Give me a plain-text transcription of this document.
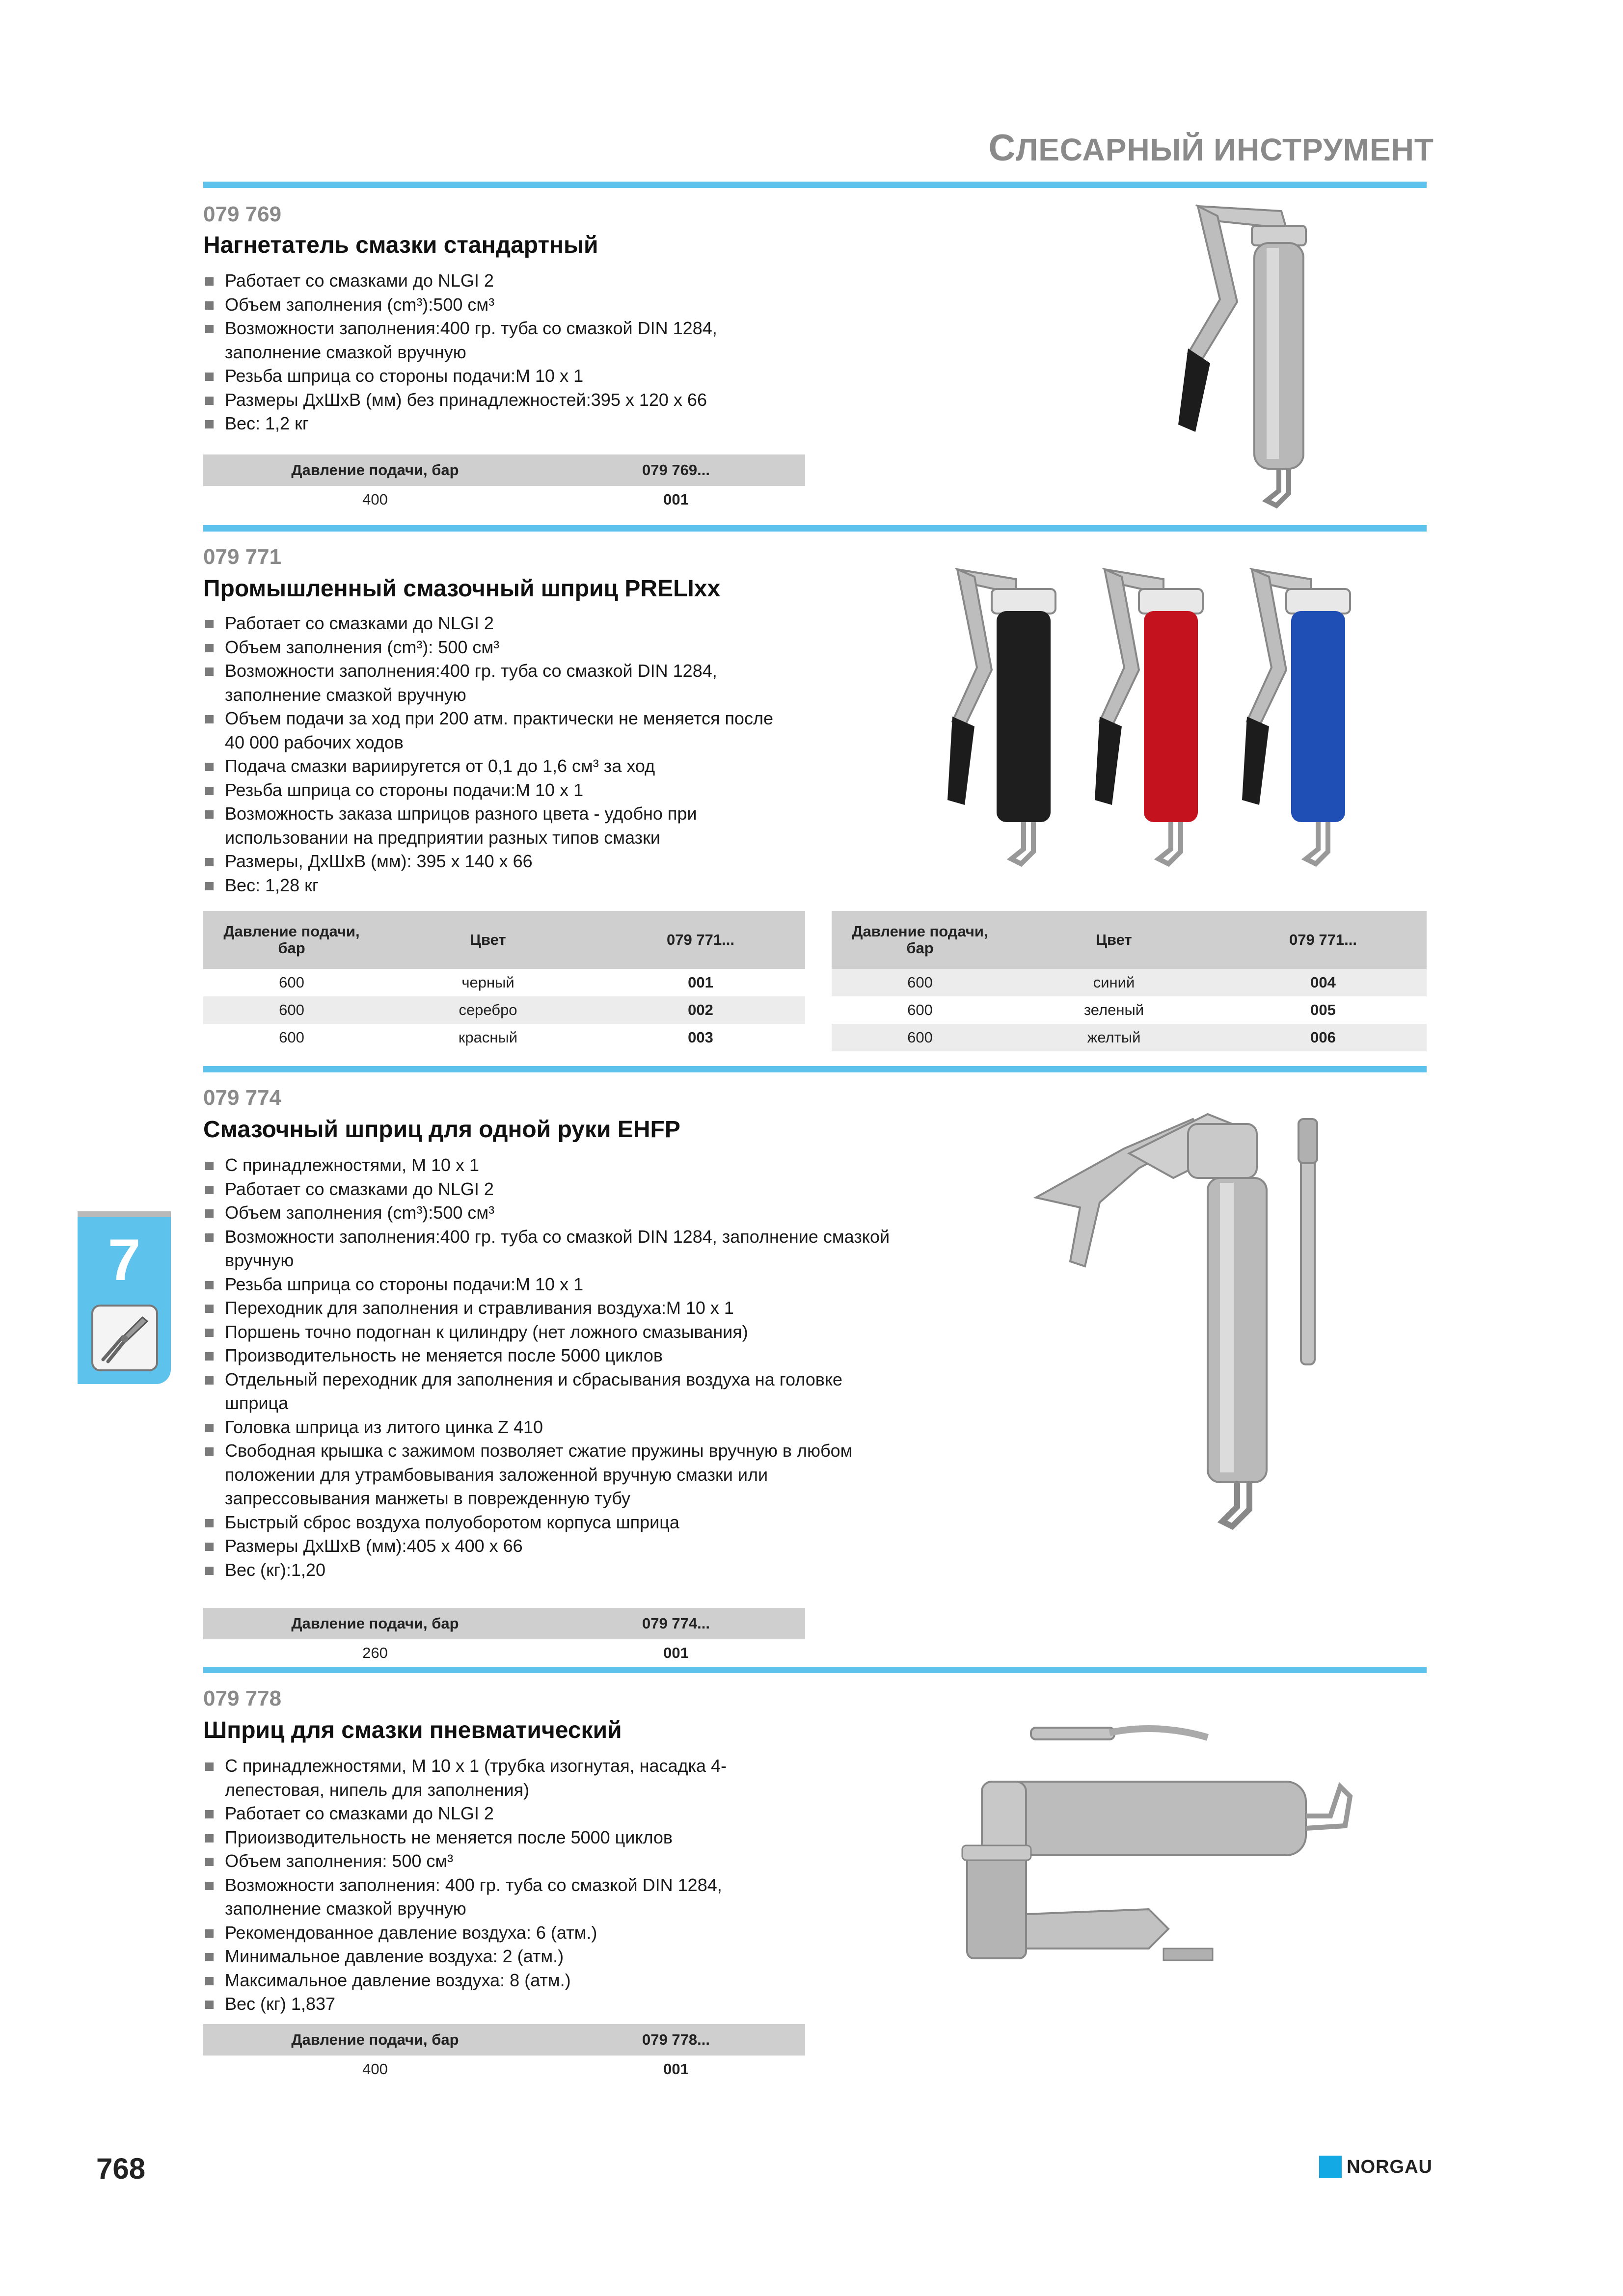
СЛЕСАРНЫЙ ИНСТРУМЕНТ
079 769
Нагнетатель смазки стандартный
Работает со смазками до NLGI 2
Объем заполнения (cm³):500 см³
Возможности заполнения:400 гр. туба со смазкой DIN 1284, заполнение смазкой вручную
Резьба шприца со стороны подачи:M 10 x 1
Размеры ДхШхВ (мм) без принадлежностей:395 x 120 x 66
Вес: 1,2 кг
Давление подачи, бар	079 769...
400	001
079 771
Промышленный смазочный шприц PRELIxx
Работает со смазками до NLGI 2
Объем заполнения (cm³): 500 см³
Возможности заполнения:400 гр. туба со смазкой DIN 1284, заполнение смазкой вручную
Объем подачи за ход при 200 атм. практически не меняется после 40 000 рабочих ходов
Подача смазки варииругется от 0,1 до 1,6 см³ за ход
Резьба шприца со стороны подачи:M 10 x 1
Возможность заказа шприцов разного цвета - удобно при использовании на предприятии разных типов смазки
Размеры, ДхШхВ (мм): 395 x 140 x 66
Вес: 1,28 кг
Давление подачи, бар	Цвет	079 771...
600	черный	001
600	серебро	002
600	красный	003
Давление подачи, бар	Цвет	079 771...
600	синий	004
600	зеленый	005
600	желтый	006
079 774
Смазочный шприц для одной руки EHFP
С принадлежностями, M 10 x 1
Работает со смазками до NLGI 2
Объем заполнения (cm³):500 см³
Возможности заполнения:400 гр. туба со смазкой DIN 1284, заполнение смазкой вручную
Резьба шприца со стороны подачи:M 10 x 1
Переходник для заполнения и стравливания воздуха:M 10 x 1
Поршень точно подогнан к цилиндру (нет ложного смазывания)
Производительность не меняется после 5000 циклов
Отдельный переходник для заполнения и сбрасывания воздуха на головке шприца
Головка шприца из литого цинка Z 410
Свободная крышка с зажимом позволяет сжатие пружины вручную в любом положении для утрамбовывания заложенной вручную смазки или запрессовывания манжеты в поврежденную тубу
Быстрый сброс воздуха полуоборотом корпуса шприца
Размеры ДхШхВ (мм):405 x 400 x 66
Вес (кг):1,20
Давление подачи, бар	079 774...
260	001
7
079 778
Шприц для смазки пневматический
С принадлежностями, M 10 x 1 (трубка изогнутая, насадка 4-лепестовая, нипель для заполнения)
Работает со смазками до NLGI 2
Приоизводительность не меняется после 5000 циклов
Объем заполнения: 500 см³
Возможности заполнения: 400 гр. туба со смазкой DIN 1284, заполнение смазкой вручную
Рекомендованное давление воздуха: 6 (атм.)
Минимальное давление воздуха: 2 (атм.)
Максимальное давление воздуха: 8 (атм.)
Вес (кг) 1,837
Давление подачи, бар	079 778...
400	001
768	NORGAU
